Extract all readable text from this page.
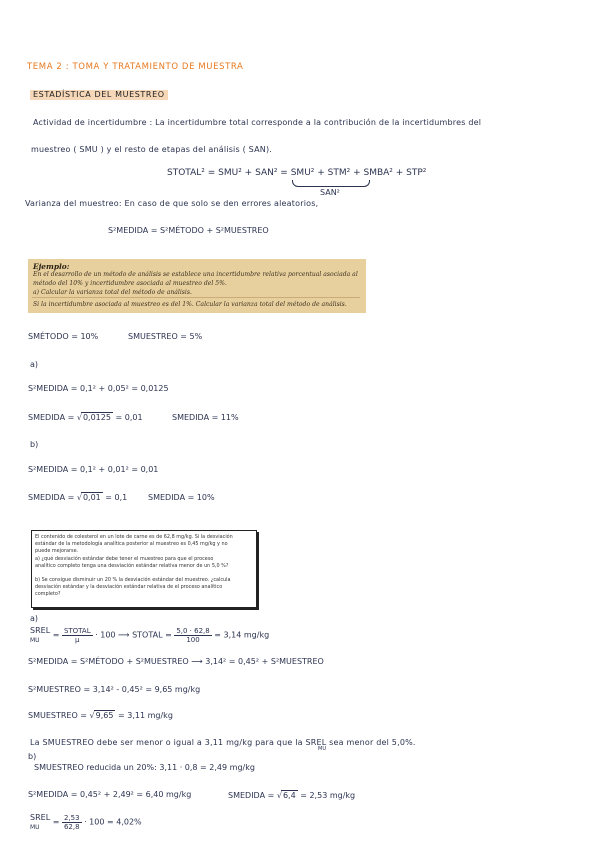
TEMA 2 : TOMA Y TRATAMIENTO DE MUESTRA
ESTADÍSTICA DEL MUESTREO
Actividad de incertidumbre : La incertidumbre total corresponde a la contribución de la incertidumbres del
muestreo ( SMU ) y el resto de etapas del análisis ( SAN).
STOTAL² = SMU² + SAN² = SMU² + STM² + SMBA² + STP²
SAN²
Varianza del muestreo: En caso de que solo se den errores aleatorios,
S²MEDIDA = S²MÉTODO + S²MUESTREO
Ejemplo:
En el desarrollo de un método de análisis se establece una incertidumbre relativa porcentual asociada al
método del 10% y incertidumbre asociada al muestreo del 5%.
a) Calcular la varianza total del método de análisis.
Si la incertidumbre asociada al muestreo es del 1%. Calcular la varianza total del método de análisis.
SMÉTODO = 10%	SMUESTREO = 5%
a)
S²MEDIDA = 0,1² + 0,05² = 0,0125
SMEDIDA = √0,0125 = 0,01	SMEDIDA = 11%
b)
S²MEDIDA = 0,1² + 0,01² = 0,01
SMEDIDA = √0,01 = 0,1	SMEDIDA = 10%
El contenido de colesterol en un lote de carne es de 62,8 mg/kg. Si la desviación
estándar de la metodología analítica posterior al muestreo es 0,45 mg/kg y no
puede mejorarse.
a) ¿qué desviación estándar debe tener el muestreo para que el proceso
analítico completo tenga una desviación estándar relativa menor de un 5,0 %?
b) Se consigue disminuir un 20 % la desviación estándar del muestreo. ¿calcula
desviación estándar y la desviación estándar relativa de el proceso analítico
completo?
a)
SREL
MU = $\frac{\text{STOTAL}}{\mu} \cdot 100$ ⟶ STOTAL = $\frac{5,0 \cdot 62,8}{100} = 3,14$ mg/kg
S²MEDIDA = S²MÉTODO + S²MUESTREO ⟶ 3,14² = 0,45² + S²MUESTREO
S²MUESTREO = 3,14² - 0,45² = 9,65 mg/kg
SMUESTREO = √9,65 = 3,11 mg/kg
La SMUESTREO debe ser menor o igual a 3,11 mg/kg para que la SREL sea menor del 5,0%.
MU
b)
SMUESTREO reducida un 20%: 3,11 · 0,8 = 2,49 mg/kg
S²MEDIDA = 0,45² + 2,49² = 6,40 mg/kg	SMEDIDA = √6,4 = 2,53 mg/kg
SREL
MU = $\frac{2,53}{62,8} \cdot 100 = 4,02\%$
